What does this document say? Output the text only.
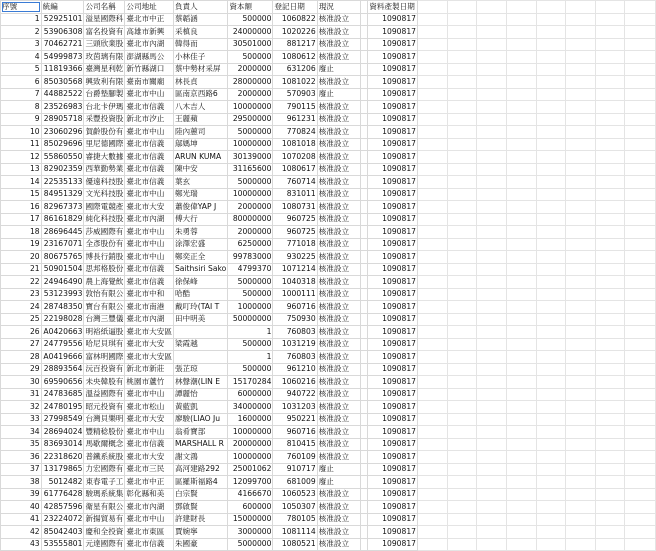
序號	統編	公司名稱	公司地址	負責人	資本額	登記日期	現況		資料產製日期								
1	52925101	溢星國際科	臺北市中正	蔡韜涵	500000	1060822	核准設立		1090817								
2	53906308	富名投資有	高雄市新興	采槙良	24000000	1020226	核准設立		1090817								
3	70462721	三頭欣業股	臺北市內湖	韓得而	30501000	881217	核准設立		1090817								
4	54999873	玫茵璃有限	澎湖縣馬公	小林佳子	500000	1080612	核准設立		1090817								
5	11819366	臺灣星利乾	新竹縣湖口	蔡中勢材采屏	2000000	631206	廢止		1090817								
6	85030568	興致利有限	臺南市關廟	林長貞	28000000	1081022	核准設立		1090817								
7	44882522	台爵墊腳製	臺北市中山	區南京西路6	2000000	570903	廢止		1090817								
8	23526983	台北卡伊瑪	臺北市信義	八木吉人	10000000	790115	核准設立		1090817								
9	28905718	采豐投資股	新北市汐止	王麗蘋	29500000	961231	核准設立		1090817								
10	23060296	賀齡股份有	臺北市中山	陸內蕙司	5000000	770824	核准設立		1090817								
11	85029696	里尼德國際	臺北市信義	鄔媽坤	10000000	1081018	核准設立		1090817								
12	55860550	睿捷大數據	臺北市信義	ARUN KUMA	30139000	1070208	核准設立		1090817								
13	82902359	西華勤勢業	臺北市信義	陳中安	31165600	1080617	核准設立		1090817								
14	22535133	優遠科技股	臺北市信義	葉玄	5000000	760714	核准設立		1090817								
15	84951329	文光科技股	臺北市中山	鄭光瑞	10000000	831011	核准設立		1090817								
16	82967373	國際電競產	臺北市大安	蕭俊偉YAP J	2000000	1080731	核准設立		1090817								
17	86161829	純化科技股	臺北市內湖	傅大行	80000000	960725	核准設立		1090817								
18	28696445	莎威國際有	臺北市中山	朱勇蓉	2000000	960725	核准設立		1090817								
19	23167071	全彥股份有	臺北市中山	涂澤宏盛	6250000	771018	核准設立		1090817								
20	80675765	博長行銷股	臺北市中山	鄭奕正全	99783000	930225	核准設立		1090817								
21	50901504	思邦格股份	臺北市信義	Saithsiri Sako	4799370	1071214	核准設立		1090817								
22	24946490	農上海覺飲	臺北市信義	徐保峰	5000000	1040318	核准設立		1090817								
23	53123993	敦怡有限公	臺北市中和	哈酷	500000	1000111	核准設立		1090817								
24	28748350	寶台有限公	臺北市南港	戴叮玲(TAI T	1000000	960716	核准設立		1090817								
25	22198028	台灣三豐儀	臺北市內湖	田中明美	50000000	750930	核准設立		1090817								
26	A0420663	明裕紙逼股	臺北市大安區		1	760803	核准設立		1090817								
27	24779556	哈尼貝琪有	臺北市大安	梁霞越	500000	1031219	核准設立		1090817								
28	A0419666	富林明國際	臺北市大安區		1	760803	核准設立		1090817								
29	28893564	沅百投資有	新北市新莊	張芷琼	500000	961210	核准設立		1090817								
30	69590656	未央韓股有	桃園市蘆竹	林聲潮(LIN E	15170284	1060216	核准設立		1090817								
31	24783685	溫益國際有	臺北市中山	譚麗怡	6000000	940722	核准設立		1090817								
32	24780195	昭元投資有	臺北市松山	黃藍凱	34000000	1031203	核准設立		1090817								
33	27998549	台灣貝樂明	臺北市大安	廖駿(LIAO Ju	1600000	950221	核准設立		1090817								
34	28694024	豐精稔股份	臺北市中山	翁肴寶部	10000000	960716	核准設立		1090817								
35	83693014	馬歇爾概念	臺北市信義	MARSHALL R	20000000	810415	核准設立		1090817								
36	22318620	普鐵系統股	臺北市大安	謝文鴻	10000000	760109	核准設立		1090817								
37	13179865	力宏國際有	臺北市三民	高河建路292	25001062	910717	廢止		1090817								
38	5012482	東春電子工	臺北市中正	區羅斯福路4	12099700	681009	廢止		1090817								
39	61776428	駿瑪系統集	彰化縣和美	白宗賢	4166670	1060523	核准設立		1090817								
40	42857596	衛星有限公	臺北市內湖	鄧啟賢	600000	1050307	核准設立		1090817								
41	23224072	新揚貿易有	臺北市中山	許建財長	15000000	780105	核准設立		1090817								
42	85042403	慶和全投資	臺北市東區	賈婉寧	3000000	1081114	核准設立		1090817								
43	53555801	元達國際有	臺北市信義	朱國豪	5000000	1080521	核准設立		1090817								
